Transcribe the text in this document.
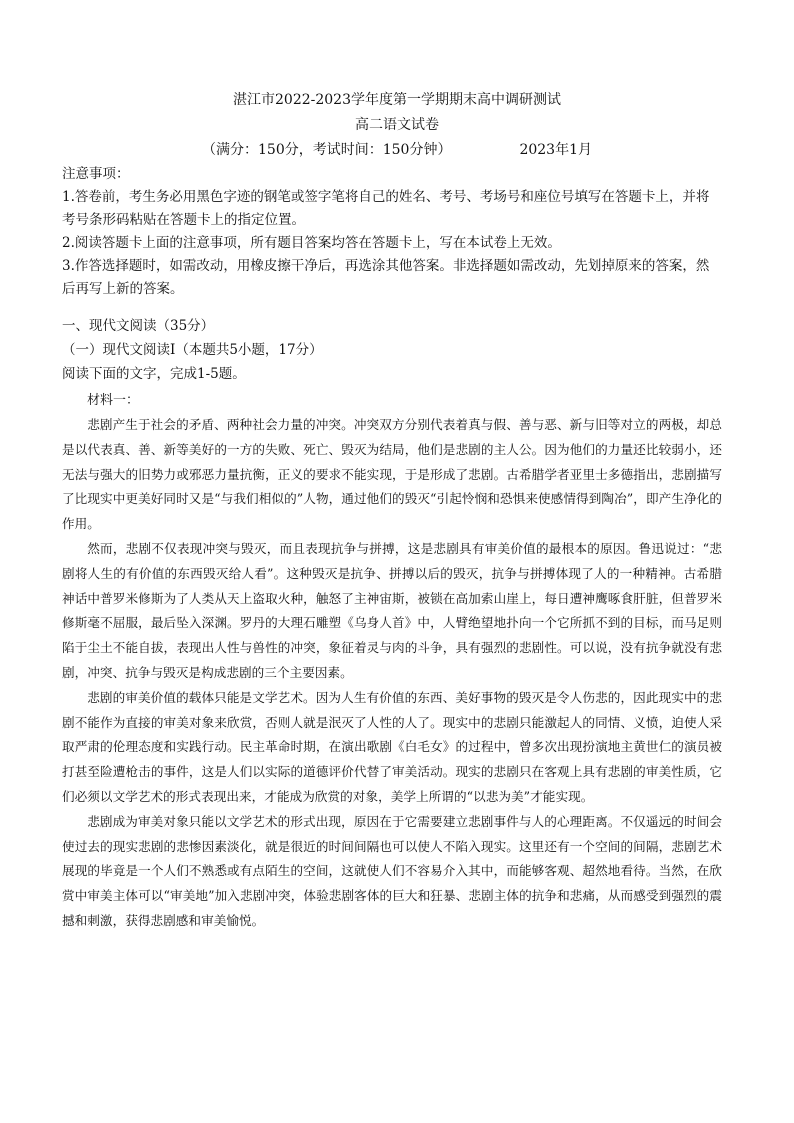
湛江市2022-2023学年度第一学期期末高中调研测试
高二语文试卷
（满分：150分，考试时间：150分钟）	2023年1月

注意事项：

1.答卷前，考生务必用黑色字迹的钢笔或签字笔将自己的姓名、考号、考场号和座位号填写在答题卡上，并将考号条形码粘贴在答题卡上的指定位置。

2.阅读答题卡上面的注意事项，所有题目答案均答在答题卡上，写在本试卷上无效。

3.作答选择题时，如需改动，用橡皮擦干净后，再选涂其他答案。非选择题如需改动，先划掉原来的答案，然后再写上新的答案。

一、现代文阅读（35分）
（一）现代文阅读Ⅰ（本题共5小题，17分）
阅读下面的文字，完成1-5题。
材料一：

悲剧产生于社会的矛盾、两种社会力量的冲突。冲突双方分别代表着真与假、善与恶、新与旧等对立的两极，却总是以代表真、善、新等美好的一方的失败、死亡、毁灭为结局，他们是悲剧的主人公。因为他们的力量还比较弱小，还无法与强大的旧势力或邪恶力量抗衡，正义的要求不能实现，于是形成了悲剧。古希腊学者亚里士多德指出，悲剧描写了比现实中更美好同时又是“与我们相似的”人物，通过他们的毁灭“引起怜悯和恐惧来使感情得到陶冶”，即产生净化的作用。

然而，悲剧不仅表现冲突与毁灭，而且表现抗争与拼搏，这是悲剧具有审美价值的最根本的原因。鲁迅说过：“悲剧将人生的有价值的东西毁灭给人看”。这种毁灭是抗争、拼搏以后的毁灭，抗争与拼搏体现了人的一种精神。古希腊神话中普罗米修斯为了人类从天上盗取火种，触怒了主神宙斯，被锁在高加索山崖上，每日遭神鹰啄食肝脏，但普罗米修斯毫不屈服，最后坠入深渊。罗丹的大理石雕塑《乌身人首》中，人臂绝望地扑向一个它所抓不到的目标，而马足则陷于尘土不能自拔，表现出人性与兽性的冲突，象征着灵与肉的斗争，具有强烈的悲剧性。可以说，没有抗争就没有悲剧，冲突、抗争与毁灭是构成悲剧的三个主要因素。

悲剧的审美价值的载体只能是文学艺术。因为人生有价值的东西、美好事物的毁灭是令人伤悲的，因此现实中的悲剧不能作为直接的审美对象来欣赏，否则人就是泯灭了人性的人了。现实中的悲剧只能激起人的同情、义愤，迫使人采取严肃的伦理态度和实践行动。民主革命时期，在演出歌剧《白毛女》的过程中，曾多次出现扮演地主黄世仁的演员被打甚至险遭枪击的事件，这是人们以实际的道德评价代替了审美活动。现实的悲剧只在客观上具有悲剧的审美性质，它们必须以文学艺术的形式表现出来，才能成为欣赏的对象，美学上所谓的“以悲为美”才能实现。

悲剧成为审美对象只能以文学艺术的形式出现，原因在于它需要建立悲剧事件与人的心理距离。不仅遥远的时间会使过去的现实悲剧的悲惨因素淡化，就是很近的时间间隔也可以使人不陷入现实。这里还有一个空间的间隔，悲剧艺术展现的毕竟是一个人们不熟悉或有点陌生的空间，这就使人们不容易介入其中，而能够客观、超然地看待。当然，在欣赏中审美主体可以“审美地”加入悲剧冲突，体验悲剧客体的巨大和狂暴、悲剧主体的抗争和悲痛，从而感受到强烈的震撼和刺激，获得悲剧感和审美愉悦。
